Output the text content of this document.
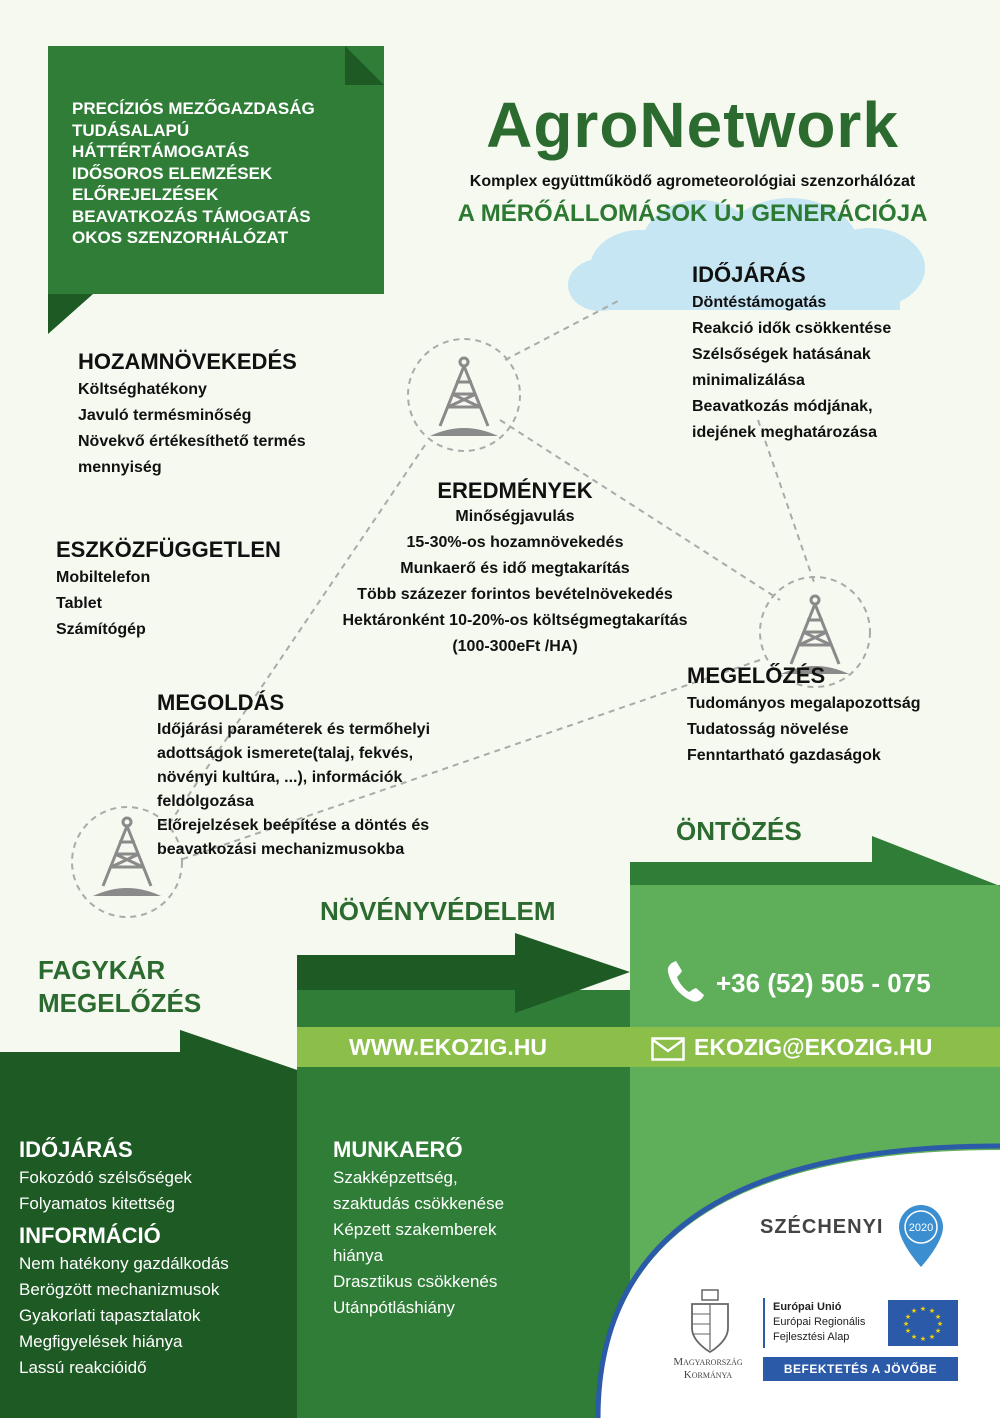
PRECÍZIÓS MEZŐGAZDASÁG
TUDÁSALAPÚ
HÁTTÉRTÁMOGATÁS
IDŐSOROS ELEMZÉSEK
ELŐREJELZÉSEK
BEAVATKOZÁS TÁMOGATÁS
OKOS SZENZORHÁLÓZAT
AgroNetwork
Komplex együttműködő agrometeorológiai szenzorhálózat
A MÉRŐÁLLOMÁSOK ÚJ GENERÁCIÓJA
IDŐJÁRÁS
Döntéstámogatás
Reakció idők csökkentése
Szélsőségek hatásának
minimalizálása
Beavatkozás módjának,
idejének meghatározása
HOZAMNÖVEKEDÉS
Költséghatékony
Javuló termésminőség
Növekvő értékesíthető termés
mennyiség
EREDMÉNYEK
Minőségjavulás
15-30%-os hozamnövekedés
Munkaerő és idő megtakarítás
Több százezer forintos bevételnövekedés
Hektáronként 10-20%-os költségmegtakarítás
(100-300eFt /HA)
ESZKÖZFÜGGETLEN
Mobiltelefon
Tablet
Számítógép
MEGELŐZÉS
Tudományos megalapozottság
Tudatosság növelése
Fenntartható gazdaságok
MEGOLDÁS
Időjárási paraméterek és termőhelyi
adottságok ismerete(talaj, fekvés,
növényi kultúra, ...), információk
feldolgozása
Előrejelzések beépítése a döntés és
beavatkozási mechanizmusokba
ÖNTÖZÉS
NÖVÉNYVÉDELEM
FAGYKÁR
MEGELŐZÉS
+36 (52) 505 - 075
WWW.EKOZIG.HU	EKOZIG@EKOZIG.HU
IDŐJÁRÁS
Fokozódó szélsőségek
Folyamatos kitettség
INFORMÁCIÓ
Nem hatékony gazdálkodás
Berögzött mechanizmusok
Gyakorlati tapasztalatok
Megfigyelések hiánya
Lassú reakcióidő
MUNKAERŐ
Szakképzettség,
szaktudás csökkenése
Képzett szakemberek
hiánya
Drasztikus csökkenés
Utánpótláshiány
SZÉCHENYI 2020
Magyarország
Kormánya
Európai Unió
Európai Regionális
Fejlesztési Alap
★ ★
★
★
★
★
★
★
★
★
★
★
BEFEKTETÉS A JÖVŐBE
